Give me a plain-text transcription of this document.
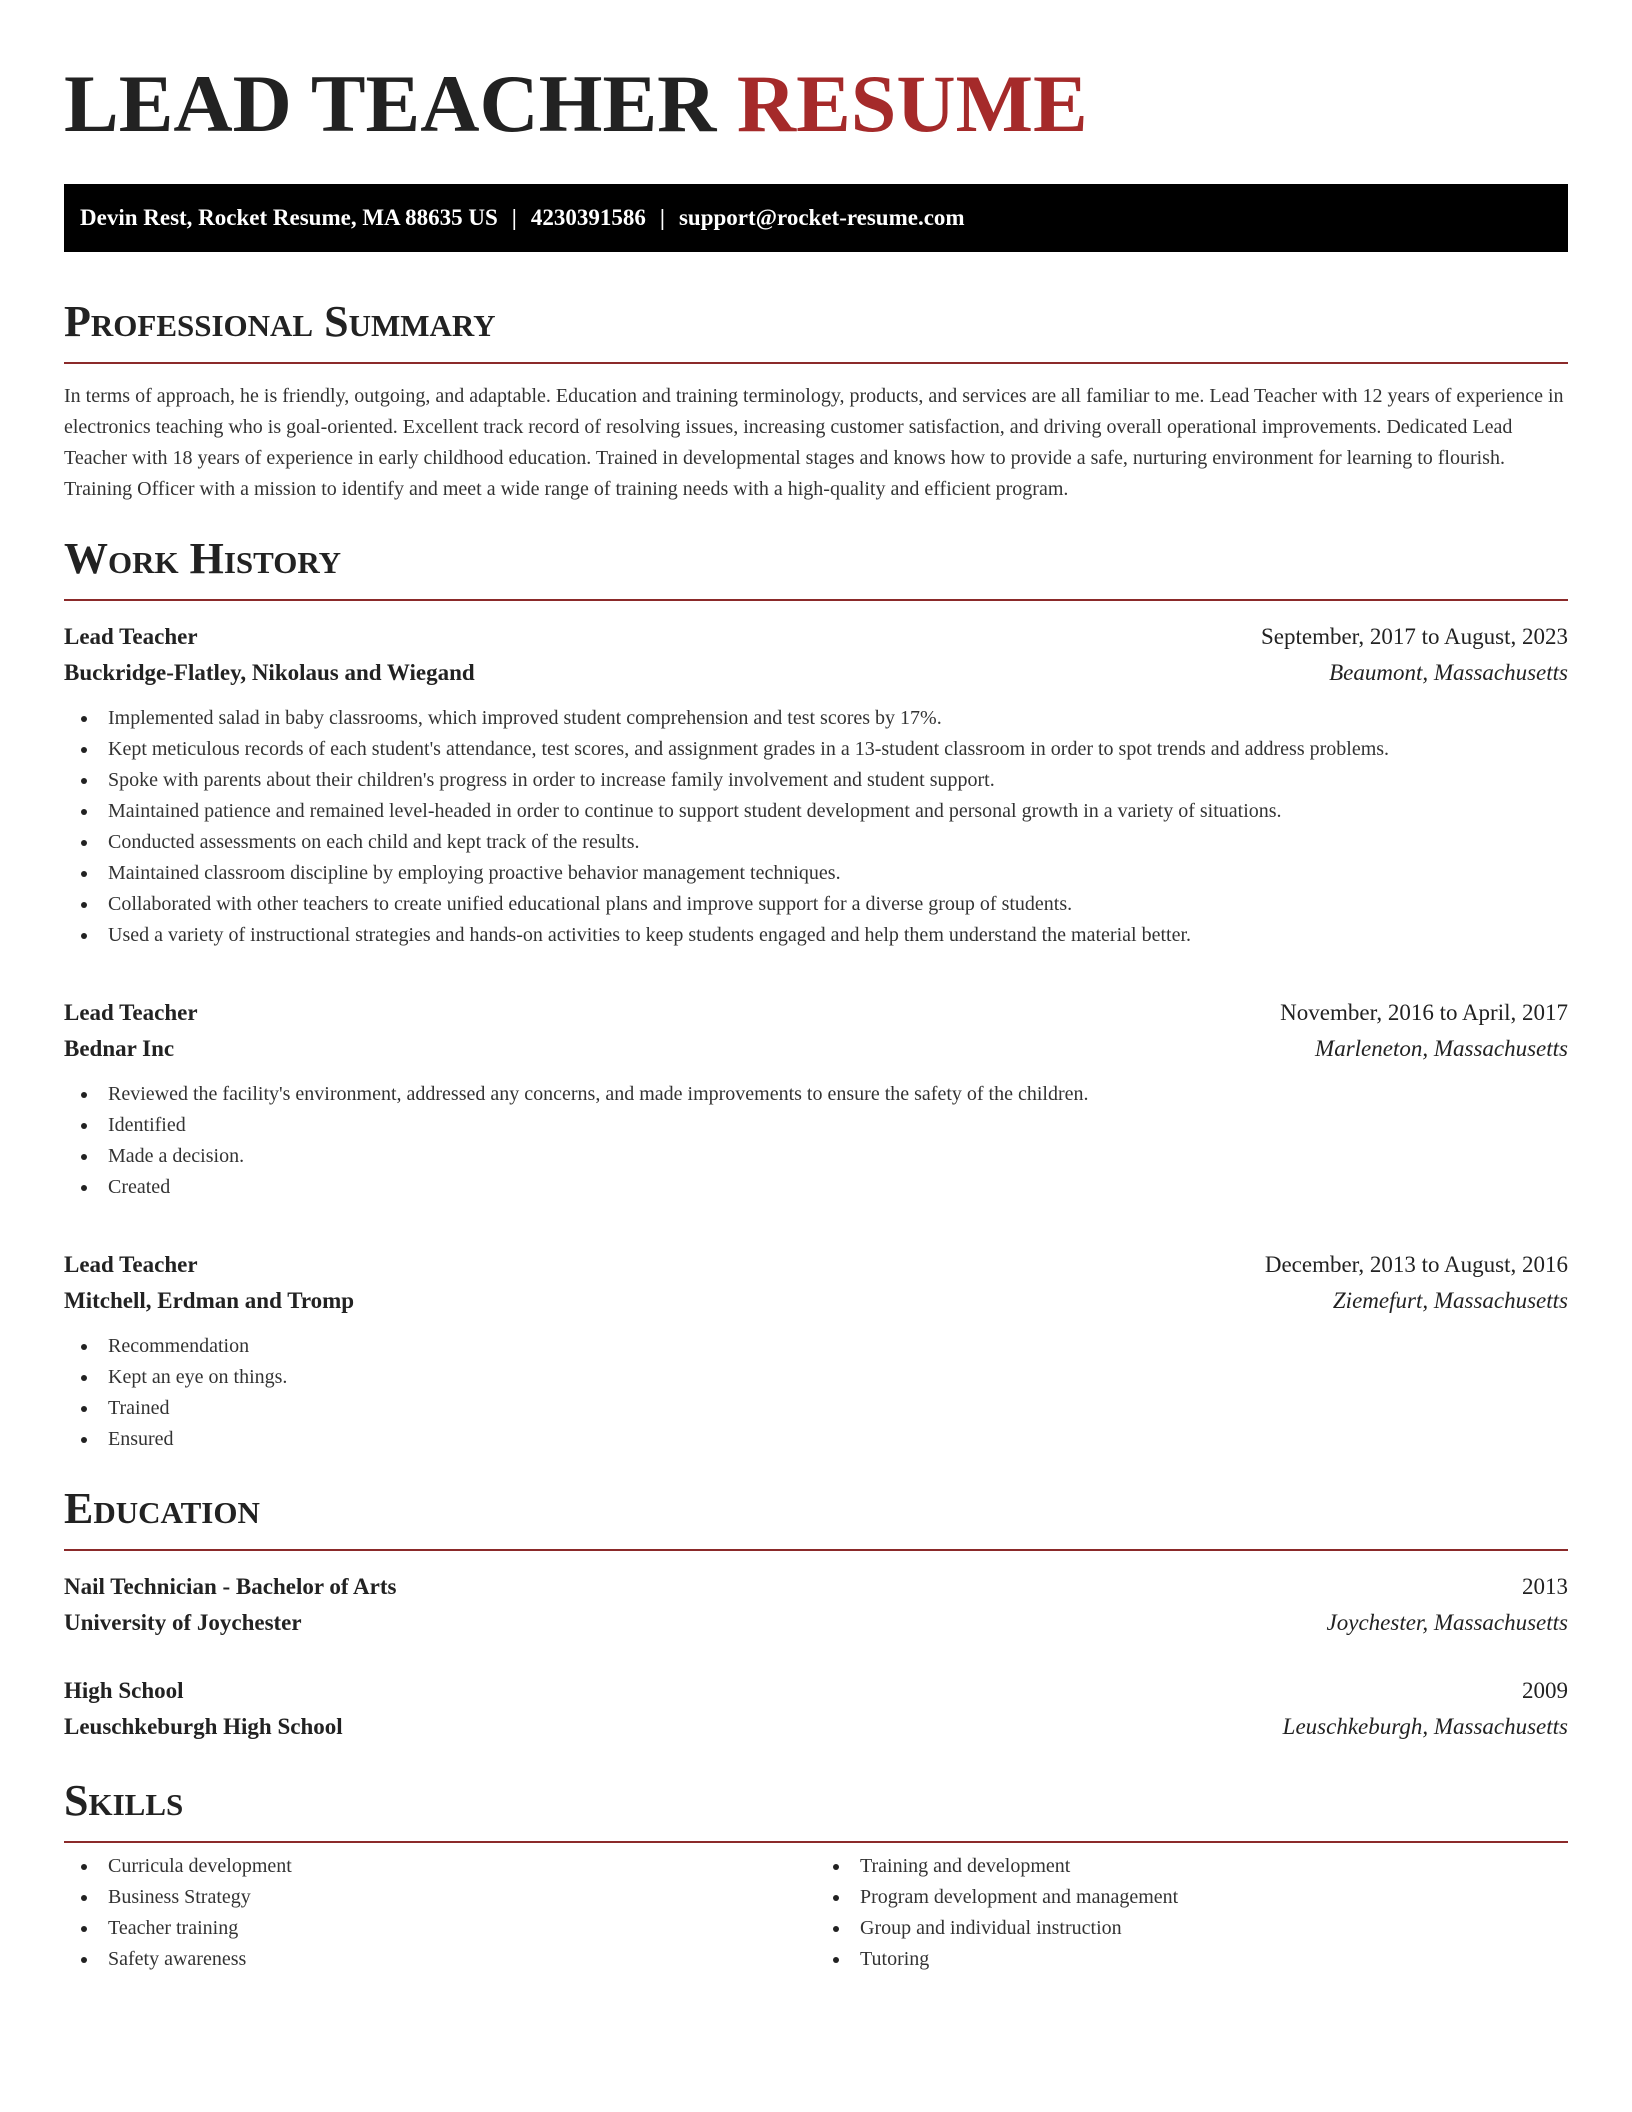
LEAD TEACHER RESUME
Devin Rest, Rocket Resume, MA 88635 US | 4230391586 | support@rocket-resume.com
Professional Summary
In terms of approach, he is friendly, outgoing, and adaptable. Education and training terminology, products, and services are all familiar to me. Lead Teacher with 12 years of experience in electronics teaching who is goal-oriented. Excellent track record of resolving issues, increasing customer satisfaction, and driving overall operational improvements. Dedicated Lead Teacher with 18 years of experience in early childhood education. Trained in developmental stages and knows how to provide a safe, nurturing environment for learning to flourish. Training Officer with a mission to identify and meet a wide range of training needs with a high-quality and efficient program.
Work History
Lead Teacher	September, 2017 to August, 2023
Buckridge-Flatley, Nikolaus and Wiegand	Beaumont, Massachusetts
Implemented salad in baby classrooms, which improved student comprehension and test scores by 17%.
Kept meticulous records of each student's attendance, test scores, and assignment grades in a 13-student classroom in order to spot trends and address problems.
Spoke with parents about their children's progress in order to increase family involvement and student support.
Maintained patience and remained level-headed in order to continue to support student development and personal growth in a variety of situations.
Conducted assessments on each child and kept track of the results.
Maintained classroom discipline by employing proactive behavior management techniques.
Collaborated with other teachers to create unified educational plans and improve support for a diverse group of students.
Used a variety of instructional strategies and hands-on activities to keep students engaged and help them understand the material better.
Lead Teacher	November, 2016 to April, 2017
Bednar Inc	Marleneton, Massachusetts
Reviewed the facility's environment, addressed any concerns, and made improvements to ensure the safety of the children.
Identified
Made a decision.
Created
Lead Teacher	December, 2013 to August, 2016
Mitchell, Erdman and Tromp	Ziemefurt, Massachusetts
Recommendation
Kept an eye on things.
Trained
Ensured
Education
Nail Technician - Bachelor of Arts	2013
University of Joychester	Joychester, Massachusetts
High School	2009
Leuschkeburgh High School	Leuschkeburgh, Massachusetts
Skills
Curricula development
Business Strategy
Teacher training
Safety awareness
Training and development
Program development and management
Group and individual instruction
Tutoring
